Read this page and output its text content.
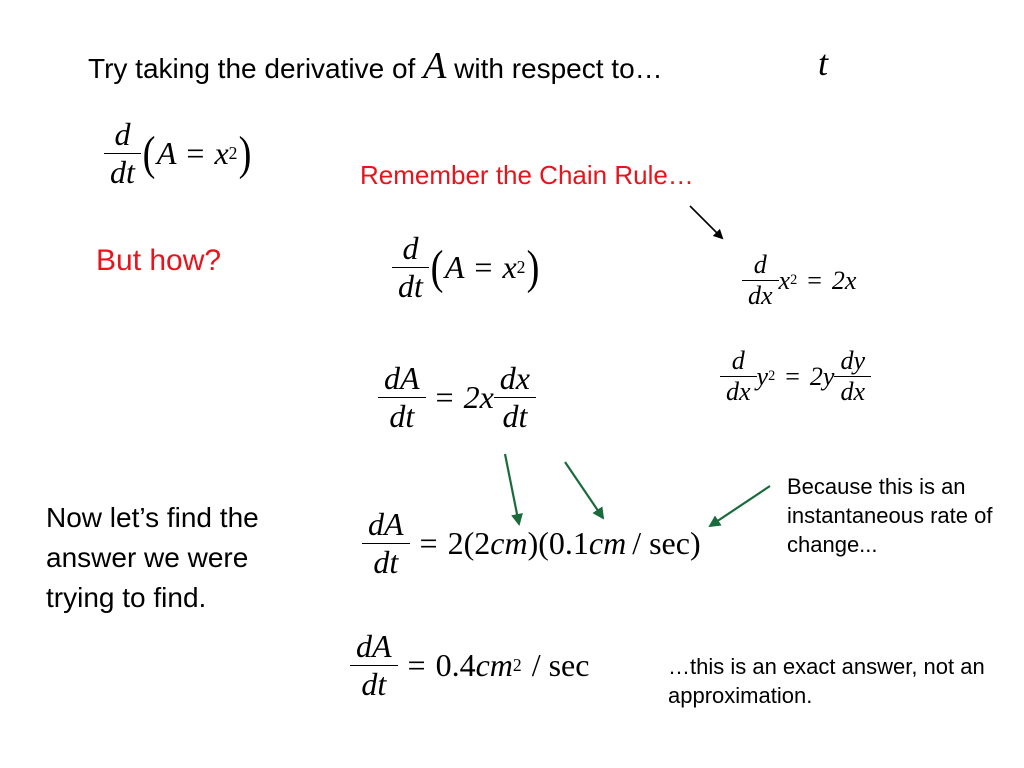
Try taking the derivative of A with respect to…	t
$\frac{d}{dt}$ ( A = x 2 )	Remember the Chain Rule…
But how?	$\frac{d}{dt}$ ( A = x 2 )	$\frac{d}{dx}$ x 2 = 2x
$\frac{d}{dx}$ y $2 = 2y \frac{dy}{dx}$
$\frac{dA}{dt} = 2x \frac{dx}{dt}$
Now let’s find the answer we were trying to find.
Because this is an instantaneous rate of change...
$\frac{dA}{dt} = 2(2$ cm )(0.1 cm / sec)
$\frac{dA}{dt} = 0.4$ cm 2 / sec	…this is an exact answer, not an approximation.
